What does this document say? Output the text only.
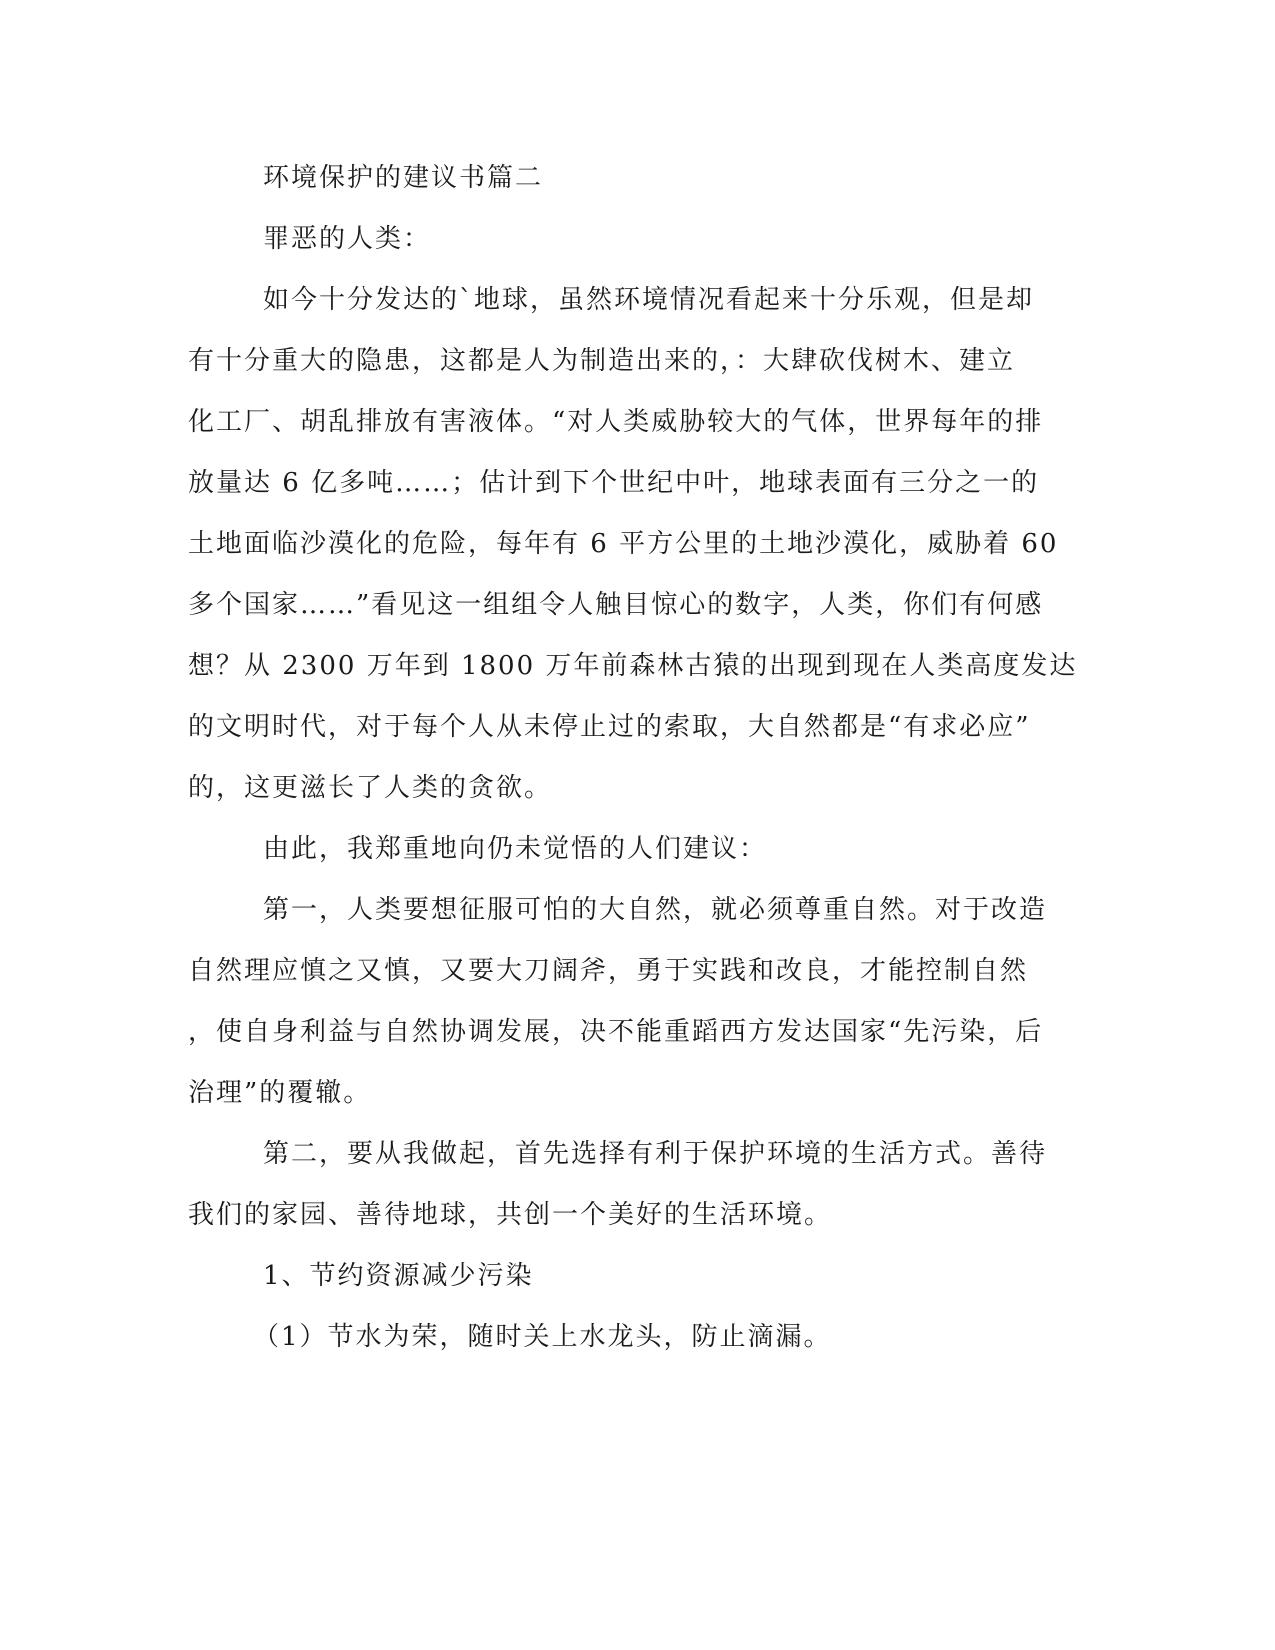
环境保护的建议书篇二
罪恶的人类：
如今十分发达的`地球，虽然环境情况看起来十分乐观，但是却
有十分重大的隐患，这都是人为制造出来的，：大肆砍伐树木、建立
化工厂、胡乱排放有害液体。“对人类威胁较大的气体，世界每年的排
放量达 6 亿多吨……；估计到下个世纪中叶，地球表面有三分之一的
土地面临沙漠化的危险，每年有 6 平方公里的土地沙漠化，威胁着 60
多个国家……”看见这一组组令人触目惊心的数字，人类，你们有何感
想？从 2300 万年到 1800 万年前森林古猿的出现到现在人类高度发达
的文明时代，对于每个人从未停止过的索取，大自然都是“有求必应”
的，这更滋长了人类的贪欲。
由此，我郑重地向仍未觉悟的人们建议：
第一，人类要想征服可怕的大自然，就必须尊重自然。对于改造
自然理应慎之又慎，又要大刀阔斧，勇于实践和改良，才能控制自然
，使自身利益与自然协调发展，决不能重蹈西方发达国家“先污染，后
治理”的覆辙。
第二，要从我做起，首先选择有利于保护环境的生活方式。善待
我们的家园、善待地球，共创一个美好的生活环境。
1、节约资源减少污染
（1）节水为荣，随时关上水龙头，防止滴漏。
